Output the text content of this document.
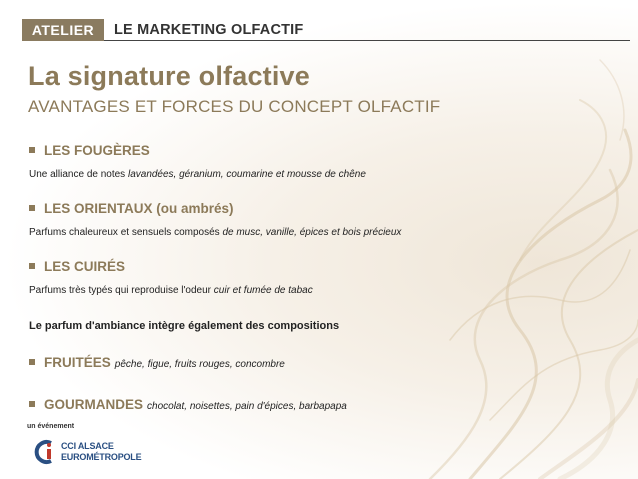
ATELIER	LE MARKETING OLFACTIF
La signature olfactive
AVANTAGES ET FORCES DU CONCEPT OLFACTIF
LES FOUGÈRES
Une alliance de notes lavandées, géranium, coumarine et mousse de chêne
LES ORIENTAUX (ou ambrés)
Parfums chaleureux et sensuels composés de musc, vanille, épices et bois précieux
LES CUIRÉS
Parfums très typés qui reproduise l'odeur cuir et fumée de tabac
Le parfum d'ambiance intègre également des compositions
FRUITÉES pêche, figue, fruits rouges, concombre
GOURMANDES chocolat, noisettes, pain d'épices, barbapapa
un événement
CCI ALSACE
EUROMÉTROPOLE
